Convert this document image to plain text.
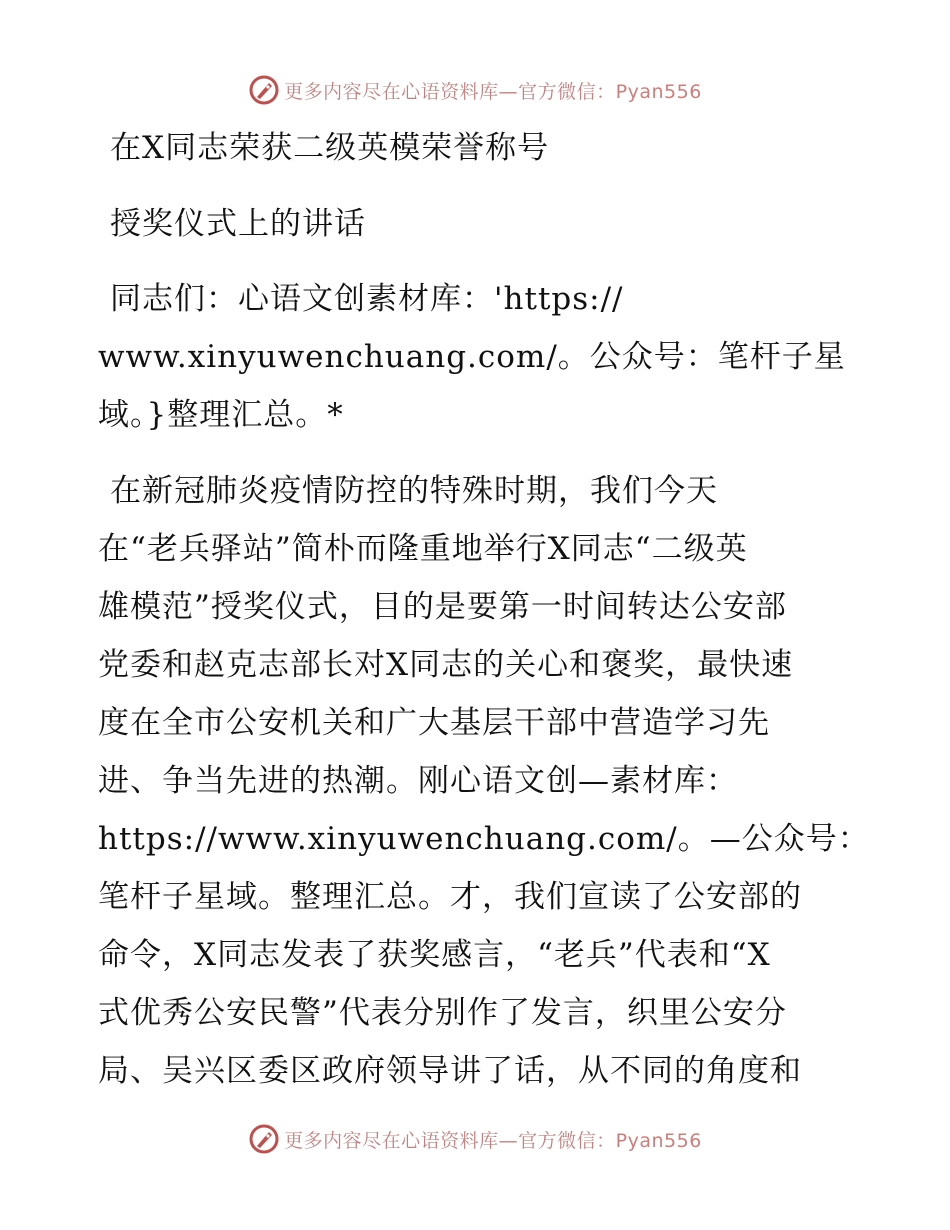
更多内容尽在心语资料库—官方微信：Pyan556
在X同志荣获二级英模荣誉称号
授奖仪式上的讲话
同志们：心语文创素材库：'https://
www.xinyuwenchuang.com/。公众号：笔杆子星
域。}整理汇总。*
在新冠肺炎疫情防控的特殊时期，我们今天
在“老兵驿站”简朴而隆重地举行X同志“二级英
雄模范”授奖仪式，目的是要第一时间转达公安部
党委和赵克志部长对X同志的关心和褒奖，最快速
度在全市公安机关和广大基层干部中营造学习先
进、争当先进的热潮。刚心语文创—素材库：
https://www.xinyuwenchuang.com/。—公众号：
笔杆子星域。整理汇总。才，我们宣读了公安部的
命令，X同志发表了获奖感言，“老兵”代表和“X
式优秀公安民警”代表分别作了发言，织里公安分
局、吴兴区委区政府领导讲了话，从不同的角度和
更多内容尽在心语资料库—官方微信：Pyan556
